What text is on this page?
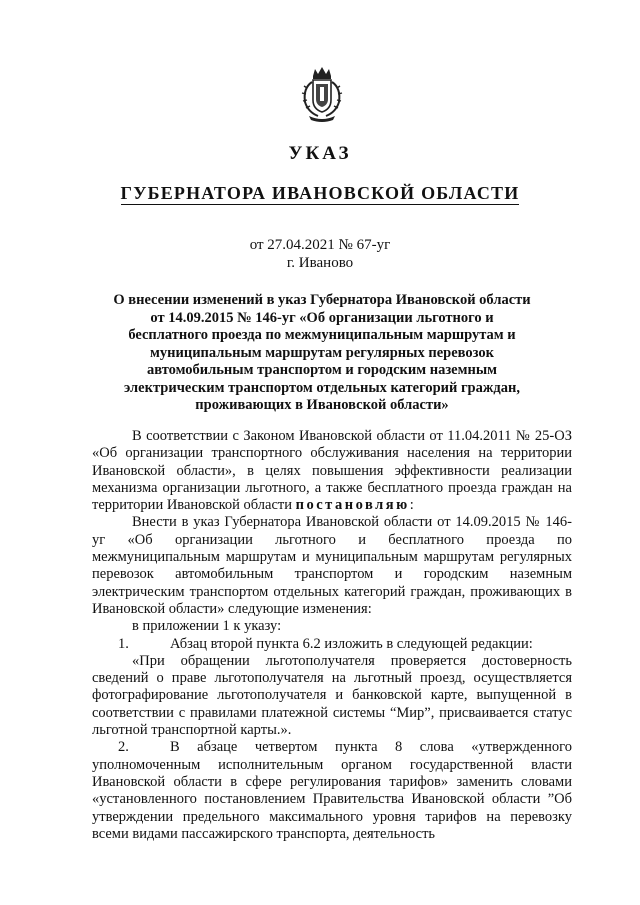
УКАЗ
ГУБЕРНАТОРА ИВАНОВСКОЙ ОБЛАСТИ
от 27.04.2021 № 67-уг
г. Иваново
О внесении изменений в указ Губернатора Ивановской области от 14.09.2015 № 146-уг «Об организации льготного и бесплатного проезда по межмуниципальным маршрутам и муниципальным маршрутам регулярных перевозок автомобильным транспортом и городским наземным электрическим транспортом отдельных категорий граждан, проживающих в Ивановской области»

В соответствии с Законом Ивановской области от 11.04.2011 № 25-ОЗ «Об организации транспортного обслуживания населения на территории Ивановской области», в целях повышения эффективности реализации механизма организации льготного, а также бесплатного проезда граждан на территории Ивановской области постановляю:

Внести в указ Губернатора Ивановской области от 14.09.2015 № 146-уг «Об организации льготного и бесплатного проезда по межмуниципальным маршрутам и муниципальным маршрутам регулярных перевозок автомобильным транспортом и городским наземным электрическим транспортом отдельных категорий граждан, проживающих в Ивановской области» следующие изменения:

в приложении 1 к указу:

1.	Абзац второй пункта 6.2 изложить в следующей редакции:

«При обращении льготополучателя проверяется достоверность сведений о праве льготополучателя на льготный проезд, осуществляется фотографирование льготополучателя и банковской карте, выпущенной в соответствии с правилами платежной системы “Мир”, присваивается статус льготной транспортной карты.».

2.	В абзаце четвертом пункта 8 слова «утвержденного уполномоченным исполнительным органом государственной власти Ивановской области в сфере регулирования тарифов» заменить словами «установленного постановлением Правительства Ивановской области ”Об утверждении предельного максимального уровня тарифов на перевозку всеми видами пассажирского транспорта, деятельность
